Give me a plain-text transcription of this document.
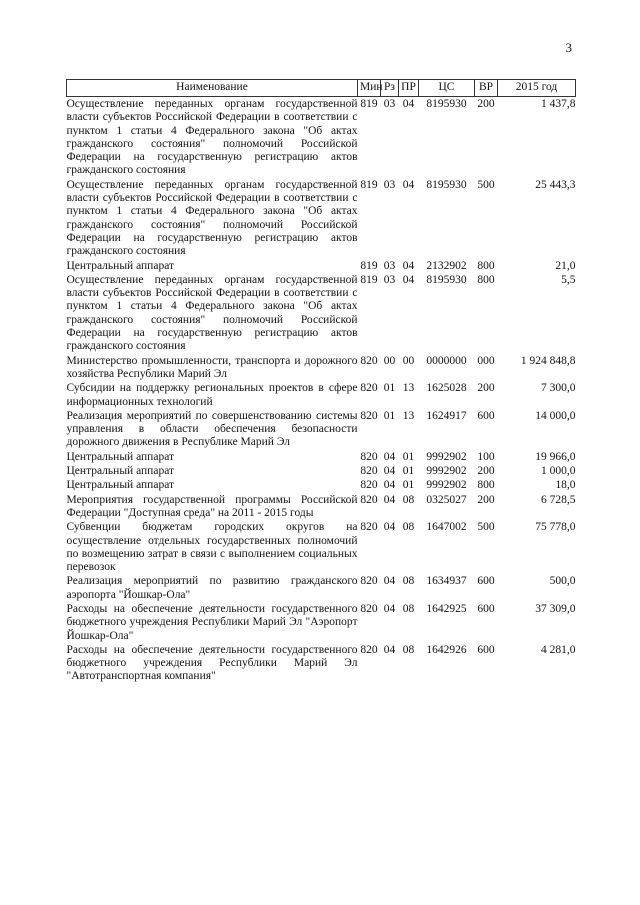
3
Наименование	Мин	Рз	ПР	ЦС	ВР	2015 год
Осуществление переданных органам государственной власти субъектов Российской Федерации в соответствии с пунктом 1 статьи 4 Федерального закона "Об актах гражданского состояния" полномочий Российской Федерации на государственную регистрацию актов гражданского состояния	819	03	04	8195930	200	1 437,8
Осуществление переданных органам государственной власти субъектов Российской Федерации в соответствии с пунктом 1 статьи 4 Федерального закона "Об актах гражданского состояния" полномочий Российской Федерации на государственную регистрацию актов гражданского состояния	819	03	04	8195930	500	25 443,3
Центральный аппарат	819	03	04	2132902	800	21,0
Осуществление переданных органам государственной власти субъектов Российской Федерации в соответствии с пунктом 1 статьи 4 Федерального закона "Об актах гражданского состояния" полномочий Российской Федерации на государственную регистрацию актов гражданского состояния	819	03	04	8195930	800	5,5
Министерство промышленности, транспорта и дорожного хозяйства Республики Марий Эл	820	00	00	0000000	000	1 924 848,8
Субсидии на поддержку региональных проектов в сфере информационных технологий	820	01	13	1625028	200	7 300,0
Реализация мероприятий по совершенствованию системы управления в области обеспечения безопасности дорожного движения в Республике Марий Эл	820	01	13	1624917	600	14 000,0
Центральный аппарат	820	04	01	9992902	100	19 966,0
Центральный аппарат	820	04	01	9992902	200	1 000,0
Центральный аппарат	820	04	01	9992902	800	18,0
Мероприятия государственной программы Российской Федерации "Доступная среда" на 2011 - 2015 годы	820	04	08	0325027	200	6 728,5
Субвенции бюджетам городских округов на осуществление отдельных государственных полномочий по возмещению затрат в связи с выполнением социальных перевозок	820	04	08	1647002	500	75 778,0
Реализация мероприятий по развитию гражданского аэропорта "Йошкар-Ола"	820	04	08	1634937	600	500,0
Расходы на обеспечение деятельности государственного бюджетного учреждения Республики Марий Эл "Аэропорт Йошкар-Ола"	820	04	08	1642925	600	37 309,0
Расходы на обеспечение деятельности государственного бюджетного учреждения Республики Марий Эл "Автотранспортная компания"	820	04	08	1642926	600	4 281,0
